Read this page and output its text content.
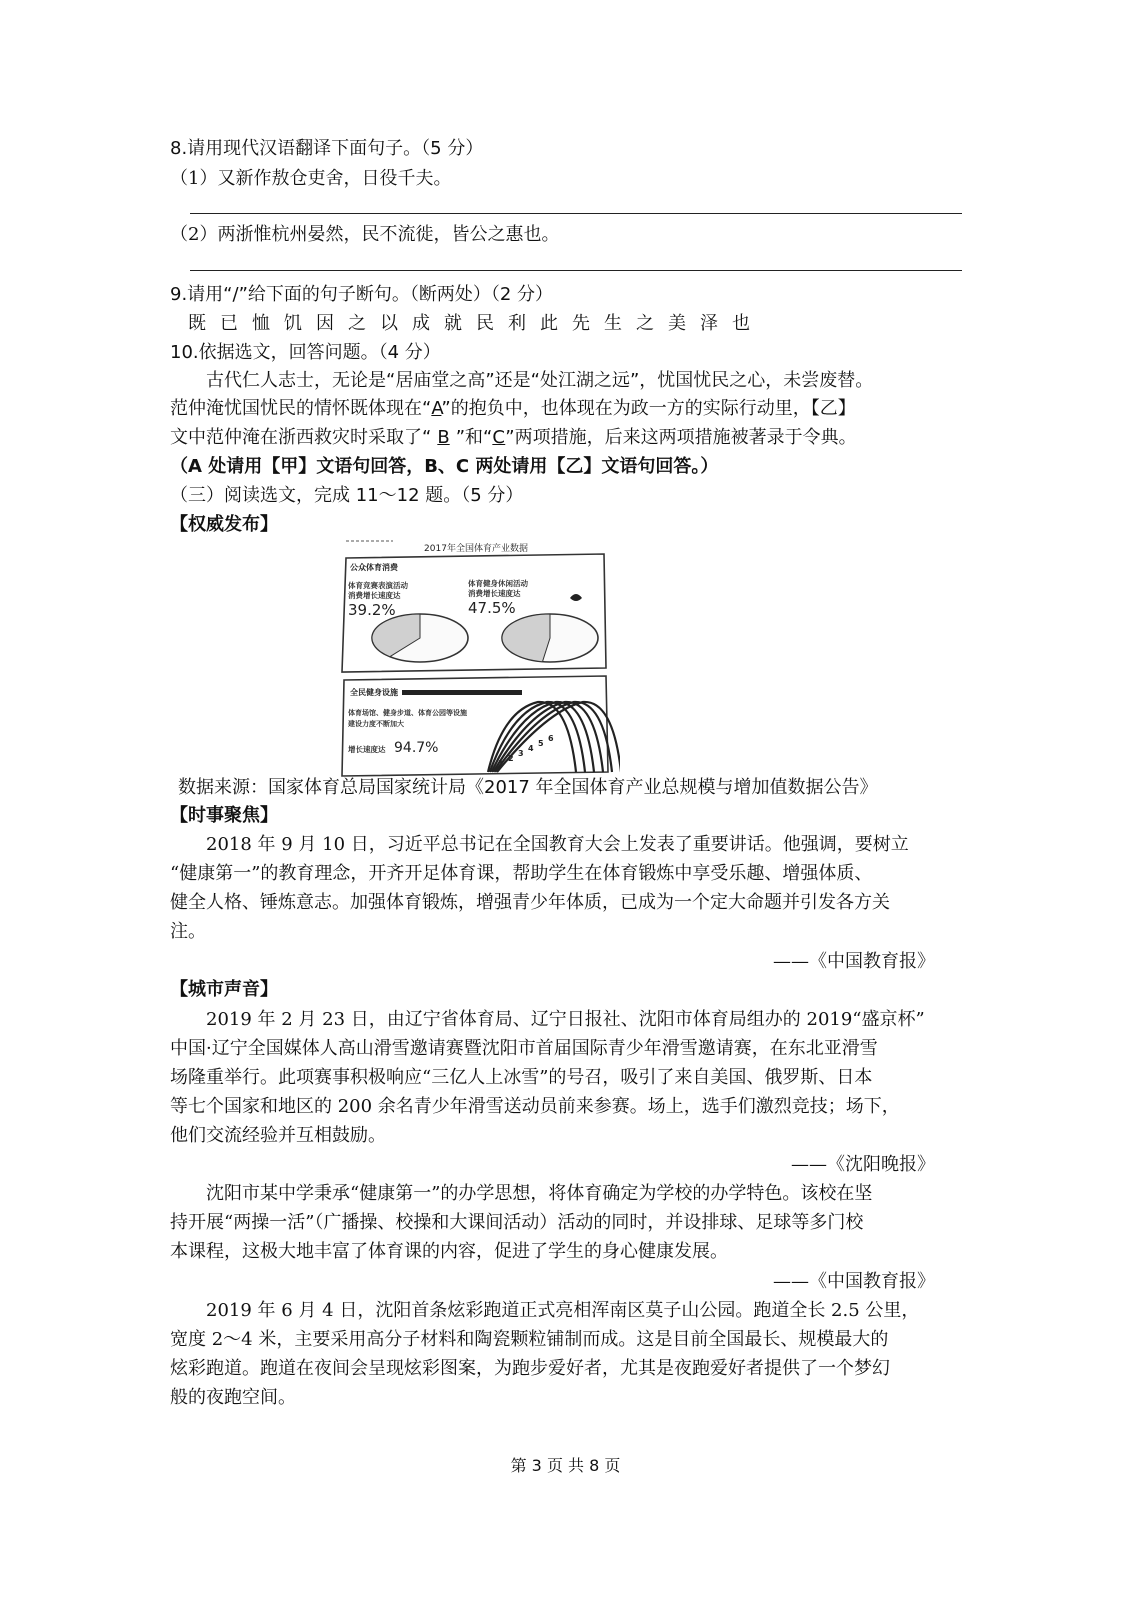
8.请用现代汉语翻译下面句子。（5 分）
（1）又新作敖仓吏舍，日役千夫。
（2）两浙惟杭州晏然，民不流徙，皆公之惠也。
9.请用“/”给下面的句子断句。（断两处）（2 分）
既已恤饥因之以成就民利此先生之美泽也
10.依据选文，回答问题。（4 分）
古代仁人志士，无论是“居庙堂之高”还是“处江湖之远”，忧国忧民之心，未尝废替。
范仲淹忧国忧民的情怀既体现在“A”的抱负中，也体现在为政一方的实际行动里，【乙】
文中范仲淹在浙西救灾时采取了“ B ”和“C”两项措施，后来这两项措施被著录于令典。
（A 处请用【甲】文语句回答，B、C 两处请用【乙】文语句回答。）
（三）阅读选文，完成 11～12 题。（5 分）
【权威发布】
2017年全国体育产业数据
公众体育消费
体育竞赛表演活动
消费增长速度达
39.2%
体育健身休闲活动
消费增长速度达
47.5%
全民健身设施
体育场馆、健身步道、体育公园等设施
建设力度不断加大
增长速度达 94.7%
1
2
3
4
5
6
数据来源：国家体育总局国家统计局《2017 年全国体育产业总规模与增加值数据公告》
【时事聚焦】
2018 年 9 月 10 日，习近平总书记在全国教育大会上发表了重要讲话。他强调，要树立
“健康第一”的教育理念，开齐开足体育课，帮助学生在体育锻炼中享受乐趣、增强体质、
健全人格、锤炼意志。加强体育锻炼，增强青少年体质，已成为一个定大命题并引发各方关
注。
——《中国教育报》
【城市声音】
2019 年 2 月 23 日，由辽宁省体育局、辽宁日报社、沈阳市体育局组办的 2019“盛京杯”
中国·辽宁全国媒体人高山滑雪邀请赛暨沈阳市首届国际青少年滑雪邀请赛，在东北亚滑雪
场隆重举行。此项赛事积极响应“三亿人上冰雪”的号召，吸引了来自美国、俄罗斯、日本
等七个国家和地区的 200 余名青少年滑雪送动员前来参赛。场上，选手们激烈竞技；场下，
他们交流经验并互相鼓励。
——《沈阳晚报》
沈阳市某中学秉承“健康第一”的办学思想，将体育确定为学校的办学特色。该校在坚
持开展“两操一活”（广播操、校操和大课间活动）活动的同时，并设排球、足球等多门校
本课程，这极大地丰富了体育课的内容，促进了学生的身心健康发展。
——《中国教育报》
2019 年 6 月 4 日，沈阳首条炫彩跑道正式亮相浑南区莫子山公园。跑道全长 2.5 公里，
宽度 2～4 米，主要采用高分子材料和陶瓷颗粒铺制而成。这是目前全国最长、规模最大的
炫彩跑道。跑道在夜间会呈现炫彩图案，为跑步爱好者，尤其是夜跑爱好者提供了一个梦幻
般的夜跑空间。
第 3 页 共 8 页
